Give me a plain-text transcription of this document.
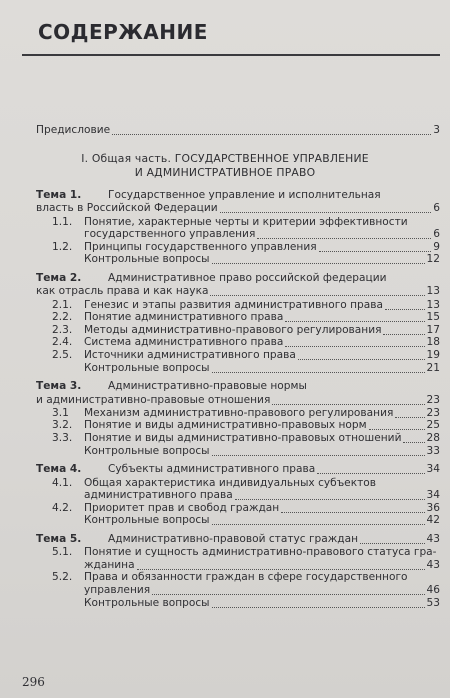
СОДЕРЖАНИЕ
Предисловие	3
I. Общая часть. ГОСУДАРСТВЕННОЕ УПРАВЛЕНИЕ
И АДМИНИСТРАТИВНОЕ ПРАВО
Тема 1.	Государственное управление и исполнительная
власть в Российской Федерации	6
1.1. Понятие, характерные черты и критерии эффективности
государственного управления	6
1.2. Принципы государственного управления	9
Контрольные вопросы	12
Тема 2.	Административное право российской федерации
как отрасль права и как наука	13
2.1. Генезис и этапы развития административного права	13
2.2. Понятие административного права	15
2.3. Методы административно-правового регулирования	17
2.4. Система административного права	18
2.5. Источники административного права	19
Контрольные вопросы	21
Тема 3.	Административно-правовые нормы
и административно-правовые отношения	23
3.1 Механизм административно-правового регулирования	23
3.2. Понятие и виды административно-правовых норм	25
3.3. Понятие и виды административно-правовых отношений 28
Контрольные вопросы	33
Тема 4.	Субъекты административного права	34
4.1. Общая характеристика индивидуальных субъектов
административного права	34
4.2. Приоритет прав и свобод граждан	36
Контрольные вопросы	42
Тема 5.	Административно-правовой статус граждан	43
5.1. Понятие и сущность административно-правового статуса гра-
жданина	43
5.2. Права и обязанности граждан в сфере государственного
управления	46
Контрольные вопросы	53
296
